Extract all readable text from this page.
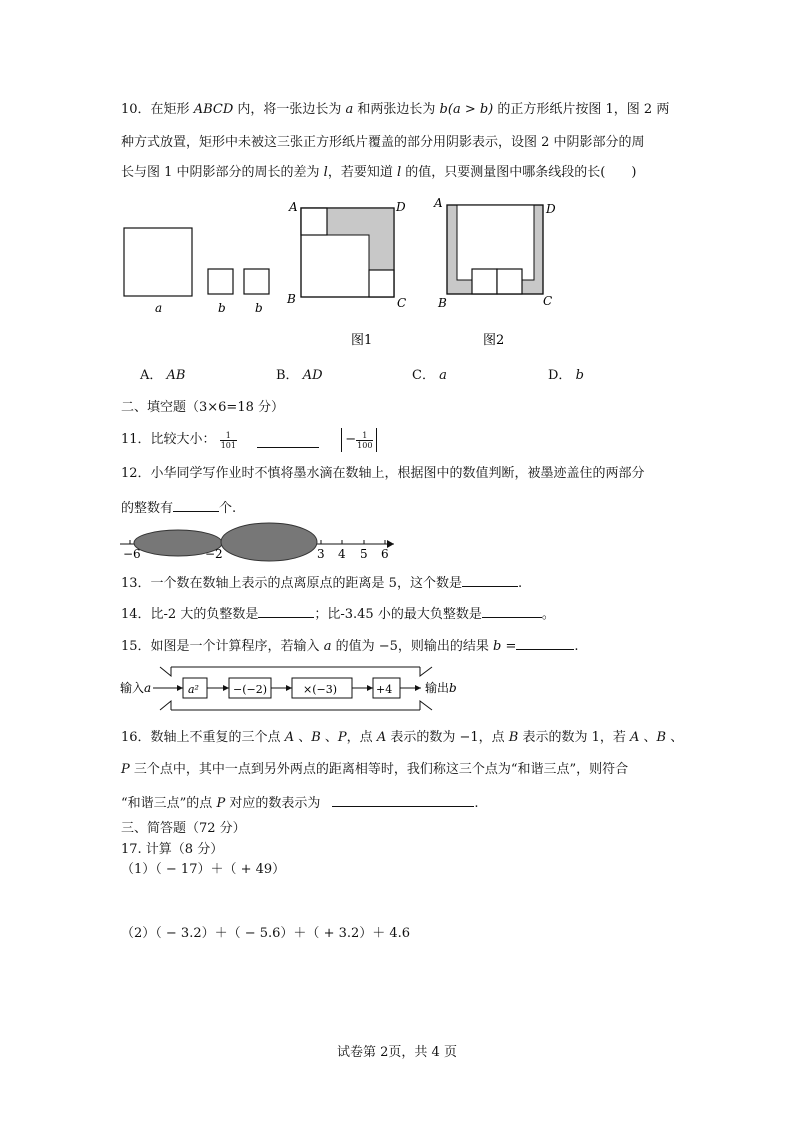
10．在矩形 ABCD 内，将一张边长为 a 和两张边长为 b(a > b) 的正方形纸片按图 1，图 2 两
种方式放置，矩形中未被这三张正方形纸片覆盖的部分用阴影表示，设图 2 中阴影部分的周
长与图 1 中阴影部分的周长的差为 l，若要知道 l 的值，只要测量图中哪条线段的长(　　)
a	b b
A	D
B	C
图1
A	D
B	C
图2
A． AB	B． AD	C． a	D． b
二、填空题（3×6=18 分）
11．比较大小： $\frac{1}{101}$	− $\frac{1}{100}$
12．小华同学写作业时不慎将墨水滴在数轴上，根据图中的数值判断，被墨迹盖住的两部分
的整数有	个.
−6	−2	3 4 5 6
13．一个数在数轴上表示的点离原点的距离是 5，这个数是	.
14．比-2 大的负整数是	；比-3.45 小的最大负整数是	。
15．如图是一个计算程序，若输入 a 的值为 −5，则输出的结果 b =	.
输入a	a²	−(−2)	×(−3)	+4	输出b
16．数轴上不重复的三个点 A 、B 、P，点 A 表示的数为 −1，点 B 表示的数为 1，若 A 、B 、
P 三个点中，其中一点到另外两点的距离相等时，我们称这三个点为“和谐三点”，则符合
“和谐三点”的点 P 对应的数表示为	.
三、简答题（72 分）
17. 计算（8 分）
（1）（ − 17）＋（ + 49）
（2）（ − 3.2）＋（ − 5.6）＋（ + 3.2）＋ 4.6
试卷第 2页，共 4 页
